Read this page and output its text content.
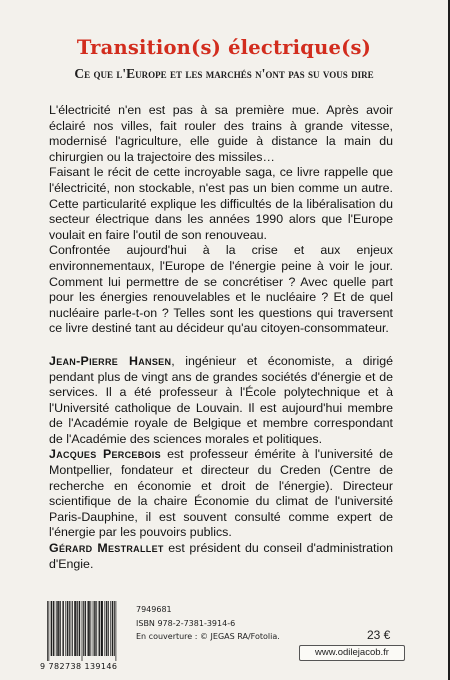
Transition(s) électrique(s)
Ce que l'Europe et les marchés n'ont pas su vous dire

L'électricité n'en est pas à sa première mue. Après avoir éclairé nos villes, fait rouler des trains à grande vitesse, modernisé l'agriculture, elle guide à distance la main du chirurgien ou la trajectoire des missiles…

Faisant le récit de cette incroyable saga, ce livre rappelle que l'électricité, non stockable, n'est pas un bien comme un autre. Cette particularité explique les difficultés de la libéralisation du secteur électrique dans les années 1990 alors que l'Europe voulait en faire l'outil de son renouveau.

Confrontée aujourd'hui à la crise et aux enjeux environnementaux, l'Europe de l'énergie peine à voir le jour. Comment lui permettre de se concrétiser ? Avec quelle part pour les énergies renouvelables et le nucléaire ? Et de quel nucléaire parle-t-on ? Telles sont les questions qui traversent ce livre destiné tant au décideur qu'au citoyen-consommateur.

Jean-Pierre Hansen, ingénieur et économiste, a dirigé pendant plus de vingt ans de grandes sociétés d'énergie et de services. Il a été professeur à l'École polytechnique et à l'Université catholique de Louvain. Il est aujourd'hui membre de l'Académie royale de Belgique et membre correspondant de l'Académie des sciences morales et politiques.

Jacques Percebois est professeur émérite à l'université de Montpellier, fondateur et directeur du Creden (Centre de recherche en économie et droit de l'énergie). Directeur scientifique de la chaire Économie du climat de l'université Paris-Dauphine, il est souvent consulté comme expert de l'énergie par les pouvoirs publics.

Gérard Mestrallet est président du conseil d'administration d'Engie.

9 782738 139146
7949681
ISBN 978-2-7381-3914-6
En couverture : © JEGAS RA/Fotolia.	23 €
www.odilejacob.fr
